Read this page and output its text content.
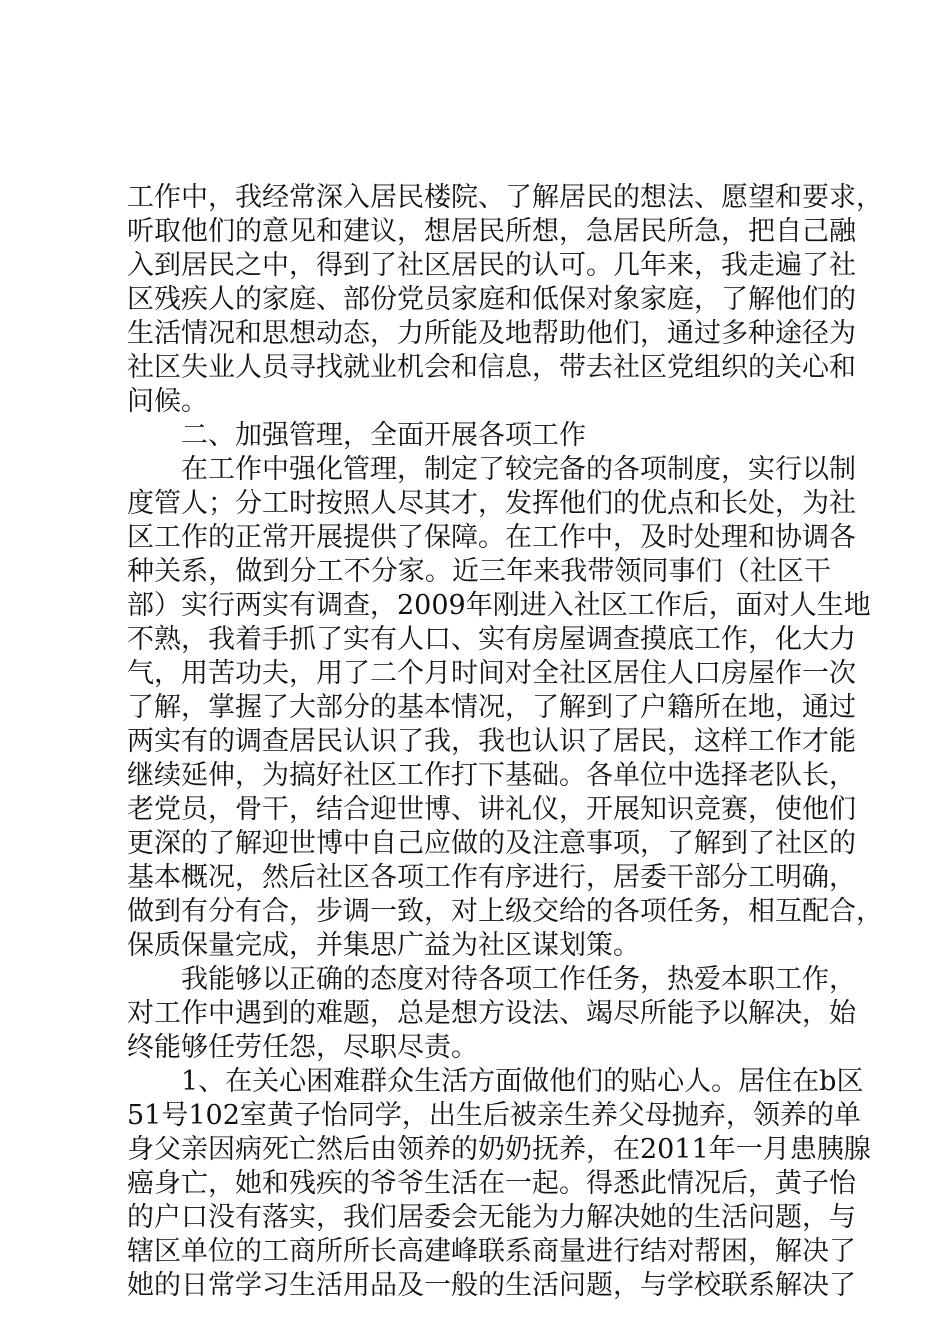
工作中，我经常深入居民楼院、了解居民的想法、愿望和要求，
听取他们的意见和建议，想居民所想，急居民所急，把自己融
入到居民之中，得到了社区居民的认可。几年来，我走遍了社
区残疾人的家庭、部份党员家庭和低保对象家庭，了解他们的
生活情况和思想动态，力所能及地帮助他们，通过多种途径为
社区失业人员寻找就业机会和信息，带去社区党组织的关心和
问候。
二、加强管理，全面开展各项工作
在工作中强化管理，制定了较完备的各项制度，实行以制
度管人；分工时按照人尽其才，发挥他们的优点和长处，为社
区工作的正常开展提供了保障。在工作中，及时处理和协调各
种关系，做到分工不分家。近三年来我带领同事们（社区干
部）实行两实有调查，2009年刚进入社区工作后，面对人生地
不熟，我着手抓了实有人口、实有房屋调查摸底工作，化大力
气，用苦功夫，用了二个月时间对全社区居住人口房屋作一次
了解，掌握了大部分的基本情况，了解到了户籍所在地，通过
两实有的调查居民认识了我，我也认识了居民，这样工作才能
继续延伸，为搞好社区工作打下基础。各单位中选择老队长，
老党员，骨干，结合迎世博、讲礼仪，开展知识竞赛，使他们
更深的了解迎世博中自己应做的及注意事项，了解到了社区的
基本概况，然后社区各项工作有序进行，居委干部分工明确，
做到有分有合，步调一致，对上级交给的各项任务，相互配合，
保质保量完成，并集思广益为社区谋划策。
我能够以正确的态度对待各项工作任务，热爱本职工作，
对工作中遇到的难题，总是想方设法、竭尽所能予以解决，始
终能够任劳任怨，尽职尽责。
1、在关心困难群众生活方面做他们的贴心人。居住在b区
51号102室黄子怡同学，出生后被亲生养父母抛弃，领养的单
身父亲因病死亡然后由领养的奶奶抚养，在2011年一月患胰腺
癌身亡，她和残疾的爷爷生活在一起。得悉此情况后，黄子怡
的户口没有落实，我们居委会无能为力解决她的生活问题，与
辖区单位的工商所所长高建峰联系商量进行结对帮困，解决了
她的日常学习生活用品及一般的生活问题，与学校联系解决了
